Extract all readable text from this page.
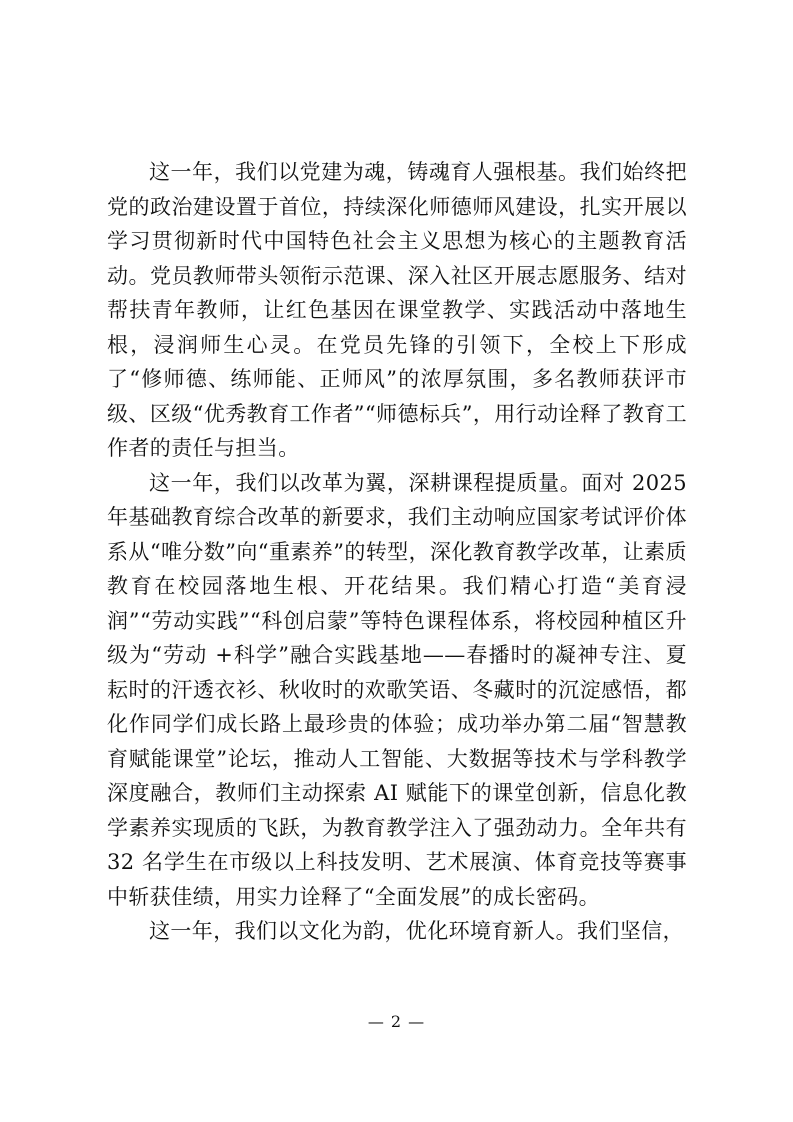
这一年，我们以党建为魂，铸魂育人强根基。我们始终把党的政治建设置于首位，持续深化师德师风建设，扎实开展以学习贯彻新时代中国特色社会主义思想为核心的主题教育活动。党员教师带头领衔示范课、深入社区开展志愿服务、结对帮扶青年教师，让红色基因在课堂教学、实践活动中落地生根，浸润师生心灵。在党员先锋的引领下，全校上下形成了“修师德、练师能、正师风”的浓厚氛围，多名教师获评市级、区级“优秀教育工作者”“师德标兵”，用行动诠释了教育工作者的责任与担当。

这一年，我们以改革为翼，深耕课程提质量。面对 2025 年基础教育综合改革的新要求，我们主动响应国家考试评价体系从“唯分数”向“重素养”的转型，深化教育教学改革，让素质教育在校园落地生根、开花结果。我们精心打造“美育浸润”“劳动实践”“科创启蒙”等特色课程体系，将校园种植区升级为“劳动 +科学”融合实践基地——春播时的凝神专注、夏耘时的汗透衣衫、秋收时的欢歌笑语、冬藏时的沉淀感悟，都化作同学们成长路上最珍贵的体验；成功举办第二届“智慧教育赋能课堂”论坛，推动人工智能、大数据等技术与学科教学深度融合，教师们主动探索 AI 赋能下的课堂创新，信息化教学素养实现质的飞跃，为教育教学注入了强劲动力。全年共有 32 名学生在市级以上科技发明、艺术展演、体育竞技等赛事中斩获佳绩，用实力诠释了“全面发展”的成长密码。

这一年，我们以文化为韵，优化环境育新人。我们坚信，

— 2 —
